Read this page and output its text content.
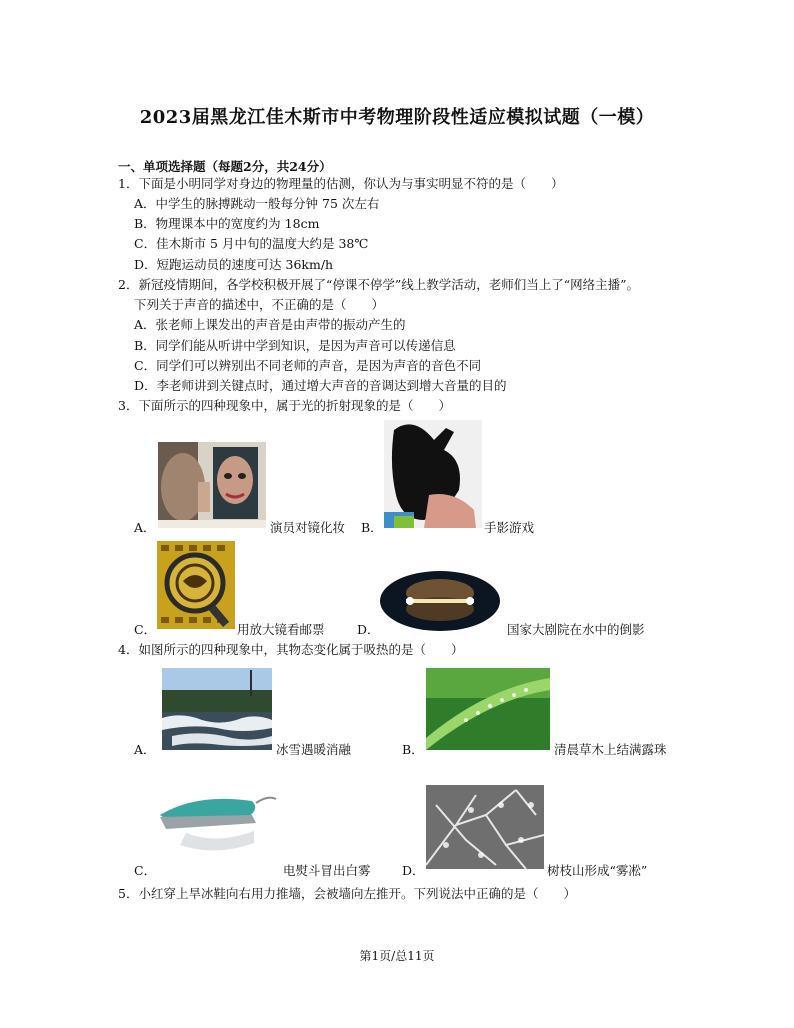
2023届黑龙江佳木斯市中考物理阶段性适应模拟试题（一模）
一、单项选择题（每题2分，共24分）
1．下面是小明同学对身边的物理量的估测，你认为与事实明显不符的是（　　）
A．中学生的脉搏跳动一般每分钟 75 次左右
B．物理课本中的宽度约为 18cm
C．佳木斯市 5 月中旬的温度大约是 38℃
D．短跑运动员的速度可达 36km/h
2．新冠疫情期间，各学校积极开展了“停课不停学”线上教学活动，老师们当上了“网络主播”。
下列关于声音的描述中，不正确的是（　　）
A．张老师上课发出的声音是由声带的振动产生的
B．同学们能从听讲中学到知识，是因为声音可以传递信息
C．同学们可以辨别出不同老师的声音，是因为声音的音色不同
D．李老师讲到关键点时，通过增大声音的音调达到增大音量的目的
3．下面所示的四种现象中，属于光的折射现象的是（　　）
A．	演员对镜化妆 B．	手影游戏
C．	用放大镜看邮票	D．	国家大剧院在水中的倒影
4．如图所示的四种现象中，其物态变化属于吸热的是（　　）
A．	冰雪遇暖消融	B．	清晨草木上结满露珠
C．	电熨斗冒出白雾	D．	树枝山形成“雾凇”
5．小红穿上旱冰鞋向右用力推墙，会被墙向左推开。下列说法中正确的是（　　）
第1页/总11页
